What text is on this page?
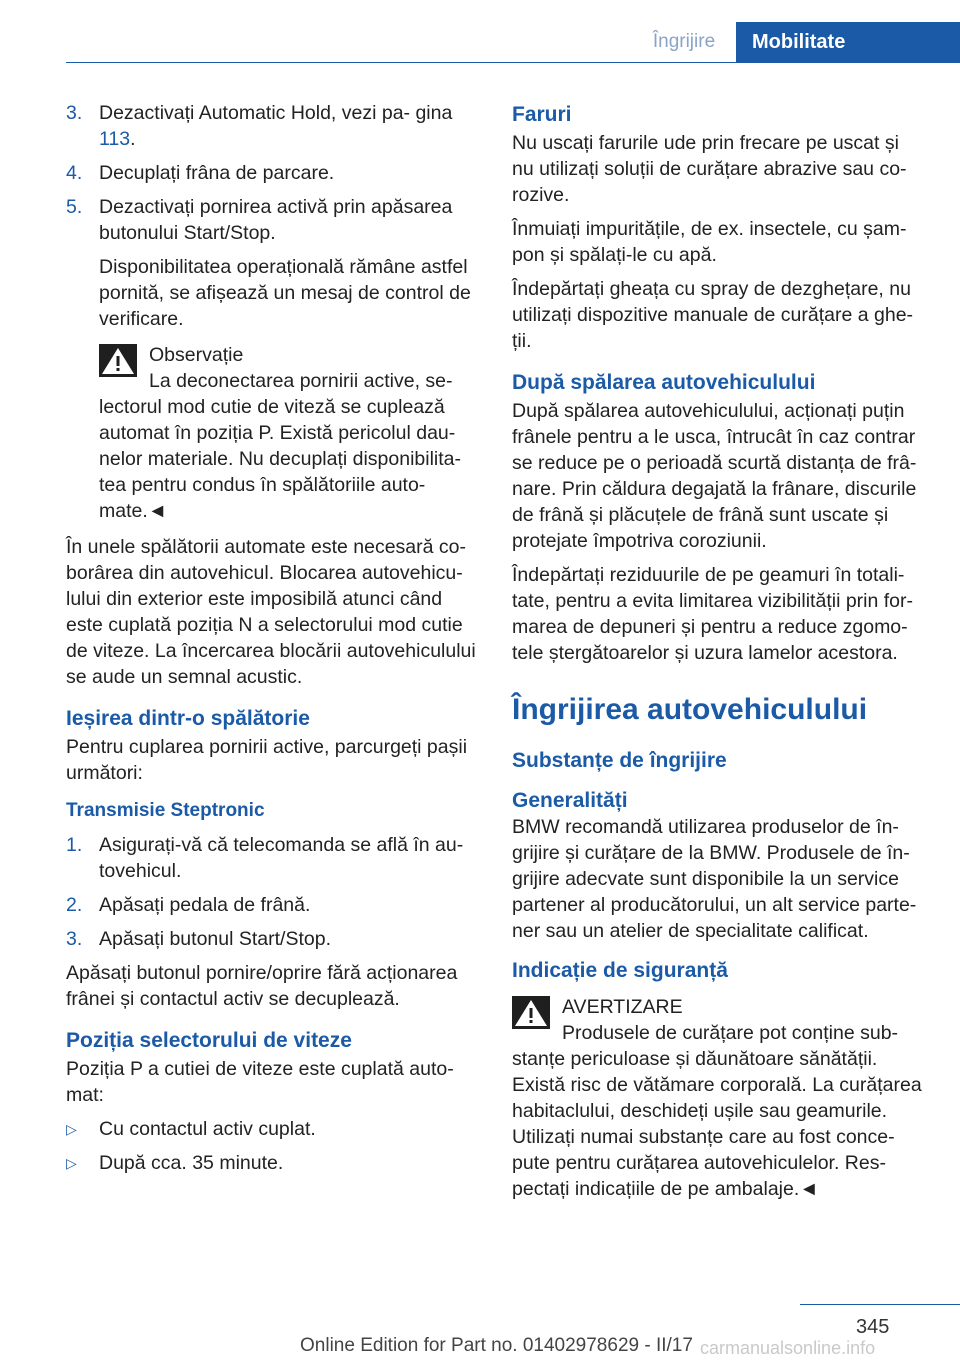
Îngrijire	Mobilitate
3. Dezactivați Automatic Hold, vezi pa‐ gina 113.
4. Decuplați frâna de parcare.
5. Dezactivați pornirea activă prin apăsarea butonului Start/Stop.

Disponibilitatea operațională rămâne astfel pornită, se afișează un mesaj de control de verificare.

Observație
La deconectarea pornirii active, se‐

lectorul mod cutie de viteză se cuplează automat în poziția P. Există pericolul dau‐ nelor materiale. Nu decuplați disponibilita‐ tea pentru condus în spălătoriile auto‐ mate.◄

În unele spălătorii automate este necesară co‐ borârea din autovehicul. Blocarea autovehicu‐ lului din exterior este imposibilă atunci când este cuplată poziția N a selectorului mod cutie de viteze. La încercarea blocării autovehiculului se aude un semnal acustic.

Ieșirea dintr-o spălătorie

Pentru cuplarea pornirii active, parcurgeți pașii următori:

Transmisie Steptronic
1. Asigurați-vă că telecomanda se află în au‐ tovehicul.
2. Apăsați pedala de frână.
3. Apăsați butonul Start/Stop.

Apăsați butonul pornire/oprire fără acționarea frânei și contactul activ se decuplează.

Poziția selectorului de viteze

Poziția P a cutiei de viteze este cuplată auto‐ mat:

▷ Cu contactul activ cuplat.
▷ După cca. 35 minute.
Faruri

Nu uscați farurile ude prin frecare pe uscat și nu utilizați soluții de curățare abrazive sau co‐ rozive.

Înmuiați impuritățile, de ex. insectele, cu șam‐ pon și spălați-le cu apă.

Îndepărtați gheața cu spray de dezghețare, nu utilizați dispozitive manuale de curățare a ghe‐ ții.

După spălarea autovehiculului

După spălarea autovehiculului, acționați puțin frânele pentru a le usca, întrucât în caz contrar se reduce pe o perioadă scurtă distanța de frâ‐ nare. Prin căldura degajată la frânare, discurile de frână și plăcuțele de frână sunt uscate și protejate împotriva coroziunii.

Îndepărtați reziduurile de pe geamuri în totali‐ tate, pentru a evita limitarea vizibilității prin for‐ marea de depuneri și pentru a reduce zgomo‐ tele ștergătoarelor și uzura lamelor acestora.

Îngrijirea autovehiculului
Substanțe de îngrijire
Generalități

BMW recomandă utilizarea produselor de în‐ grijire și curățare de la BMW. Produsele de în‐ grijire adecvate sunt disponibile la un service partener al producătorului, un alt service parte‐ ner sau un atelier de specialitate calificat.

Indicație de siguranță
AVERTIZARE
Produsele de curățare pot conține sub‐

stanțe periculoase și dăunătoare sănătății. Există risc de vătămare corporală. La curățarea habitaclului, deschideți ușile sau geamurile. Utilizați numai substanțe care au fost conce‐ pute pentru curățarea autovehiculelor. Res‐ pectați indicațiile de pe ambalaje.◄

345
Online Edition for Part no. 01402978629 - II/17 carmanualsonline.info
